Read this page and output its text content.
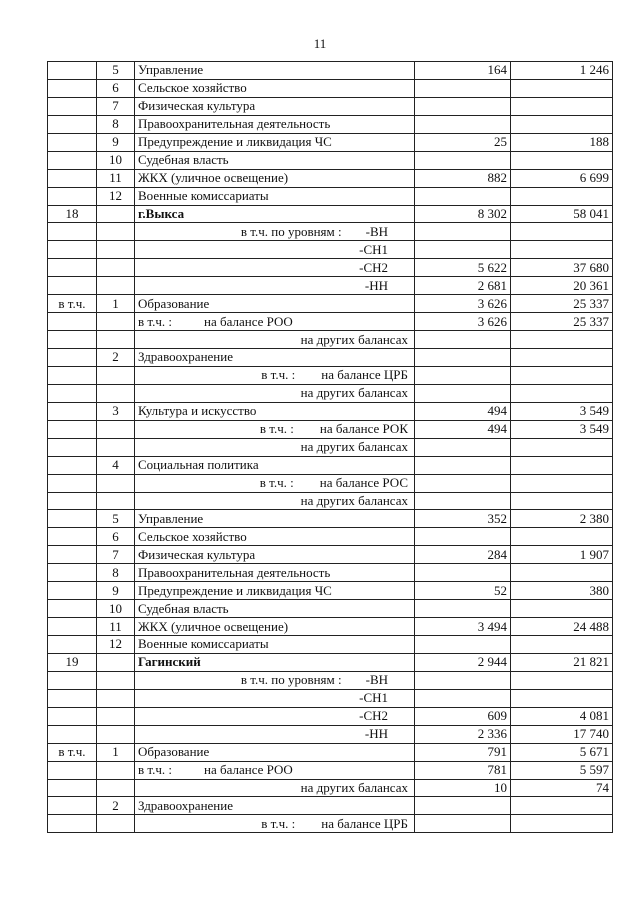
11
	5	Управление	164	1 246
	6	Сельское хозяйство		
	7	Физическая культура		
	8	Правоохранительная деятельность		
	9	Предупреждение и ликвидация ЧС	25	188
	10	Судебная власть		
	11	ЖКХ (уличное освещение)	882	6 699
	12	Военные комиссариаты		
18		г.Выкса	8 302	58 041
		в т.ч. по уровням : -ВН		
		-СН1		
		-СН2	5 622	37 680
		-НН	2 681	20 361
в т.ч.	1	Образование	3 626	25 337
		в т.ч. : на балансе РОО	3 626	25 337
		на других балансах		
	2	Здравоохранение		
		в т.ч. : на балансе ЦРБ		
		на других балансах		
	3	Культура и искусство	494	3 549
		в т.ч. : на балансе РОК	494	3 549
		на других балансах		
	4	Социальная политика		
		в т.ч. : на балансе РОС		
		на других балансах		
	5	Управление	352	2 380
	6	Сельское хозяйство		
	7	Физическая культура	284	1 907
	8	Правоохранительная деятельность		
	9	Предупреждение и ликвидация ЧС	52	380
	10	Судебная власть		
	11	ЖКХ (уличное освещение)	3 494	24 488
	12	Военные комиссариаты		
19		Гагинский	2 944	21 821
		в т.ч. по уровням : -ВН		
		-СН1		
		-СН2	609	4 081
		-НН	2 336	17 740
в т.ч.	1	Образование	791	5 671
		в т.ч. : на балансе РОО	781	5 597
		на других балансах	10	74
	2	Здравоохранение		
		в т.ч. : на балансе ЦРБ		
